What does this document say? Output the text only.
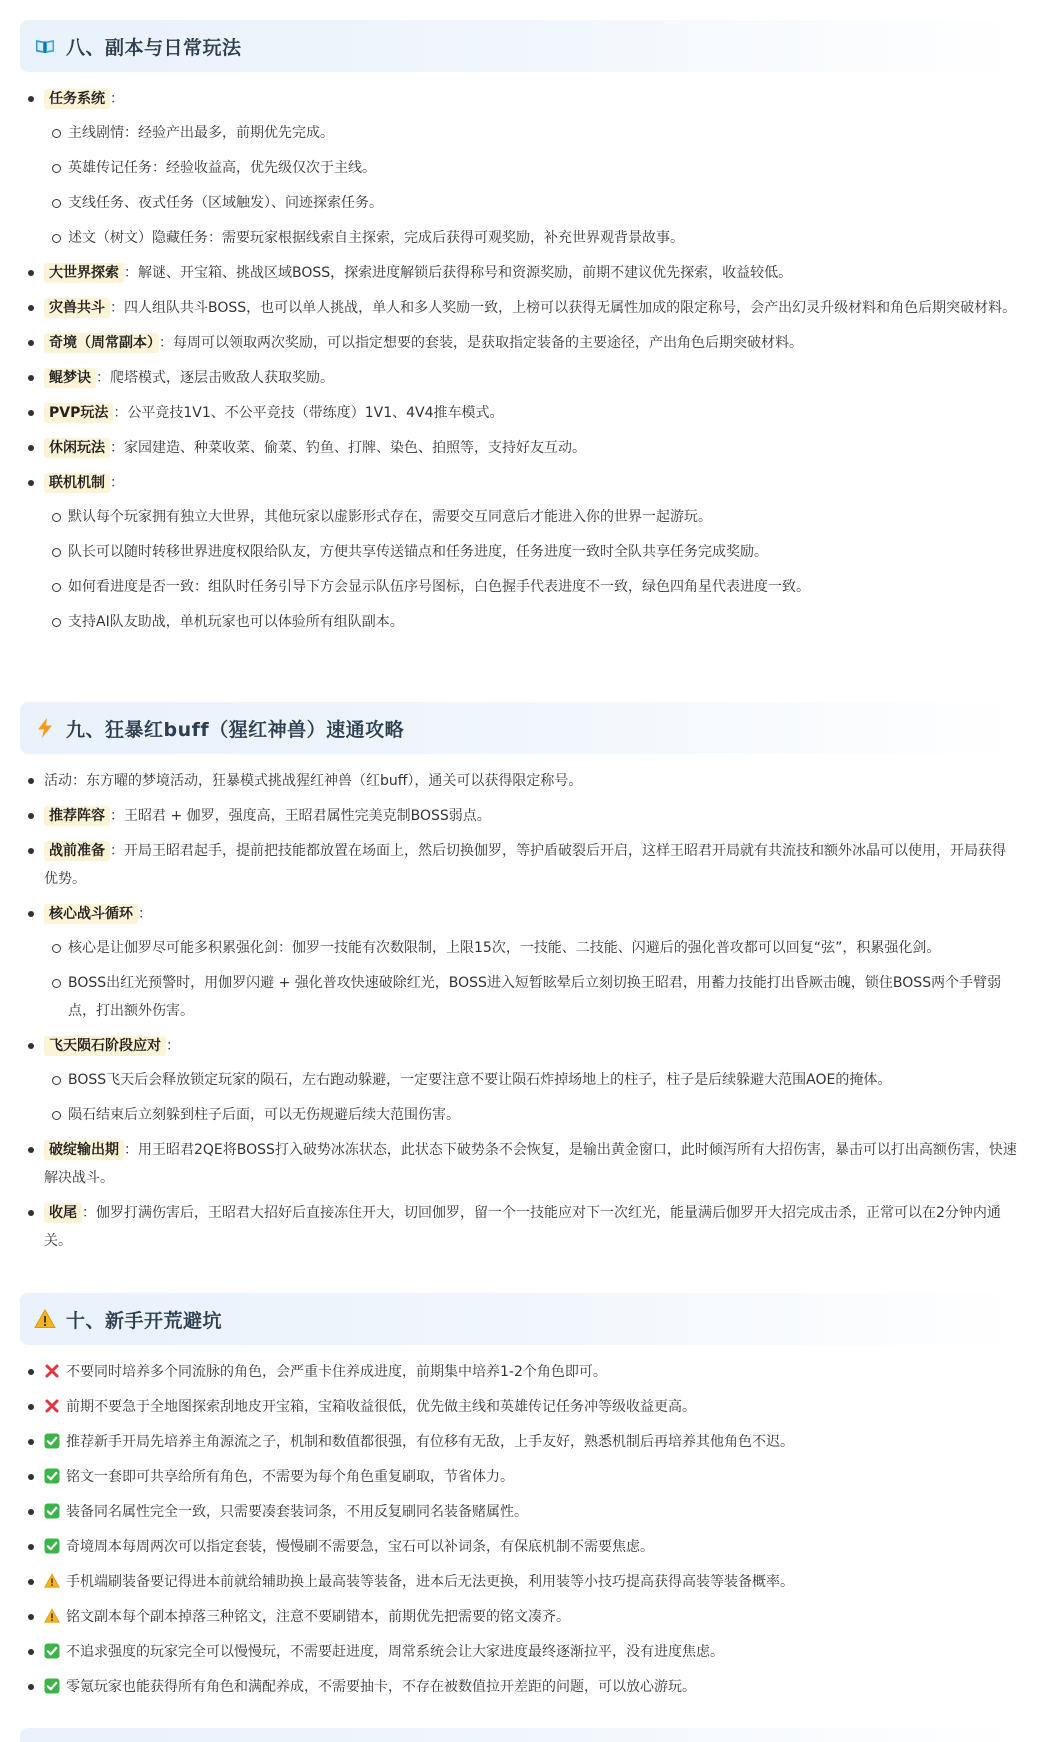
八、副本与日常玩法
任务系统 ：
主线剧情：经验产出最多，前期优先完成。
英雄传记任务：经验收益高，优先级仅次于主线。
支线任务、夜式任务（区域触发）、问迹探索任务。
述文（树文）隐藏任务：需要玩家根据线索自主探索，完成后获得可观奖励，补充世界观背景故事。
大世界探索 ：解谜、开宝箱、挑战区域BOSS，探索进度解锁后获得称号和资源奖励，前期不建议优先探索，收益较低。
灾兽共斗 ：四人组队共斗BOSS，也可以单人挑战，单人和多人奖励一致，上榜可以获得无属性加成的限定称号，会产出幻灵升级材料和角色后期突破材料。
奇境（周常副本） ：每周可以领取两次奖励，可以指定想要的套装，是获取指定装备的主要途径，产出角色后期突破材料。
鲲梦诀 ：爬塔模式，逐层击败敌人获取奖励。
PVP玩法 ：公平竞技1V1、不公平竞技（带练度）1V1、4V4推车模式。
休闲玩法 ：家园建造、种菜收菜、偷菜、钓鱼、打牌、染色、拍照等，支持好友互动。
联机机制 ：
默认每个玩家拥有独立大世界，其他玩家以虚影形式存在，需要交互同意后才能进入你的世界一起游玩。
队长可以随时转移世界进度权限给队友，方便共享传送锚点和任务进度，任务进度一致时全队共享任务完成奖励。
如何看进度是否一致：组队时任务引导下方会显示队伍序号图标，白色握手代表进度不一致，绿色四角星代表进度一致。
支持AI队友助战，单机玩家也可以体验所有组队副本。
九、狂暴红buff（猩红神兽）速通攻略
活动：东方曜的梦境活动，狂暴模式挑战猩红神兽（红buff），通关可以获得限定称号。
推荐阵容 ：王昭君 + 伽罗，强度高，王昭君属性完美克制BOSS弱点。
战前准备 ：开局王昭君起手，提前把技能都放置在场面上，然后切换伽罗，等护盾破裂后开启，这样王昭君开局就有共流技和额外冰晶可以使用，开局获得优势。
核心战斗循环 ：
核心是让伽罗尽可能多积累强化剑：伽罗一技能有次数限制，上限15次，一技能、二技能、闪避后的强化普攻都可以回复“弦”，积累强化剑。
BOSS出红光预警时，用伽罗闪避 + 强化普攻快速破除红光，BOSS进入短暂眩晕后立刻切换王昭君，用蓄力技能打出昏厥击魄，锁住BOSS两个手臂弱点，打出额外伤害。
飞天陨石阶段应对 ：
BOSS飞天后会释放锁定玩家的陨石，左右跑动躲避，一定要注意不要让陨石炸掉场地上的柱子，柱子是后续躲避大范围AOE的掩体。
陨石结束后立刻躲到柱子后面，可以无伤规避后续大范围伤害。
破绽输出期 ：用王昭君2QE将BOSS打入破势冰冻状态，此状态下破势条不会恢复，是输出黄金窗口，此时倾泻所有大招伤害，暴击可以打出高额伤害，快速解决战斗。
收尾 ：伽罗打满伤害后，王昭君大招好后直接冻住开大，切回伽罗，留一个一技能应对下一次红光，能量满后伽罗开大招完成击杀，正常可以在2分钟内通关。
十、新手开荒避坑
不要同时培养多个同流脉的角色，会严重卡住养成进度，前期集中培养1-2个角色即可。
前期不要急于全地图探索刮地皮开宝箱，宝箱收益很低，优先做主线和英雄传记任务冲等级收益更高。
推荐新手开局先培养主角源流之子，机制和数值都很强，有位移有无敌，上手友好，熟悉机制后再培养其他角色不迟。
铭文一套即可共享给所有角色，不需要为每个角色重复刷取，节省体力。
装备同名属性完全一致，只需要凑套装词条，不用反复刷同名装备赌属性。
奇境周本每周两次可以指定套装，慢慢刷不需要急，宝石可以补词条，有保底机制不需要焦虑。
手机端刷装备要记得进本前就给辅助换上最高装等装备，进本后无法更换，利用装等小技巧提高获得高装等装备概率。
铭文副本每个副本掉落三种铭文，注意不要刷错本，前期优先把需要的铭文凑齐。
不追求强度的玩家完全可以慢慢玩，不需要赶进度，周常系统会让大家进度最终逐渐拉平，没有进度焦虑。
零氪玩家也能获得所有角色和满配养成，不需要抽卡，不存在被数值拉开差距的问题，可以放心游玩。
